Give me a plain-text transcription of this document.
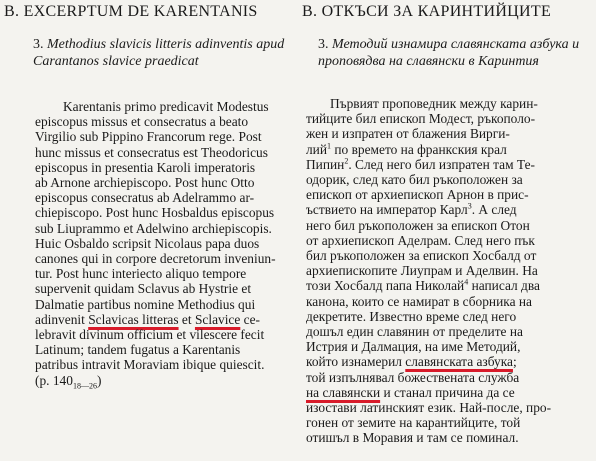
B. EXCERPTUM DE KARENTANIS
3. Methodius slavicis litteris adinventis apud Carantanos slavice praedicat
Karentanis primo predicavit Modestus
episcopus missus et consecratus a beato
Virgilio sub Pippino Francorum rege. Post
hunc missus et consecratus est Theodoricus
episcopus in presentia Karoli imperatoris
ab Arnone archiepiscopo. Post hunc Otto
episcopus consecratus ab Adelrammo ar-
chiepiscopo. Post hunc Hosbaldus episcopus
sub Liuprammo et Adelwino archiepiscopis.
Huic Osbaldo scripsit Nicolaus papa duos
canones qui in corpore decretorum inveniun-
tur. Post hunc interiecto aliquo tempore
supervenit quidam Sclavus ab Hystrie et
Dalmatie partibus nomine Methodius qui
adinvenit Sclavicas litteras et Sclavice ce-
lebravit divinum officium et vilescere fecit
Latinum; tandem fugatus a Karentanis
patribus intravit Moraviam ibique quiescit.
(p. $140_{18—26}$)
В. ОТКЪСИ ЗА КАРИНТИЙЦИТЕ
3. Методий изнамира славянската азбука и проповядва на славянски в Каринтия
Първият проповедник между карин-
тийците бил епископ Модест, ръкополо-
жен и изпратен от блажения Вирги-
лий$^1$ по времето на франкския крал
Пипин$^2$. След него бил изпратен там Те-
одорик, след като бил ръкоположен за
епископ от архиепископ Арнон в прис-
ъствието на император Карл$^3$. А след
него бил ръкоположен за епископ Отон
от архиепископ Аделрам. След него пък
бил ръкоположен за епископ Хосбалд от
архиепископите Лиупрам и Аделвин. На
този Хосбалд папа Николай$^4$ написал два
канона, които се намират в сборника на
декретите. Известно време след него
дошъл един славянин от пределите на
Истрия и Далмация, на име Методий,
който изнамерил славянската азбука;
той изпълнявал божествената служба
на славянски и станал причина да се
изостави латинският език. Най-после, про-
гонен от земите на карантийците, той
отишъл в Моравия и там се поминал.
